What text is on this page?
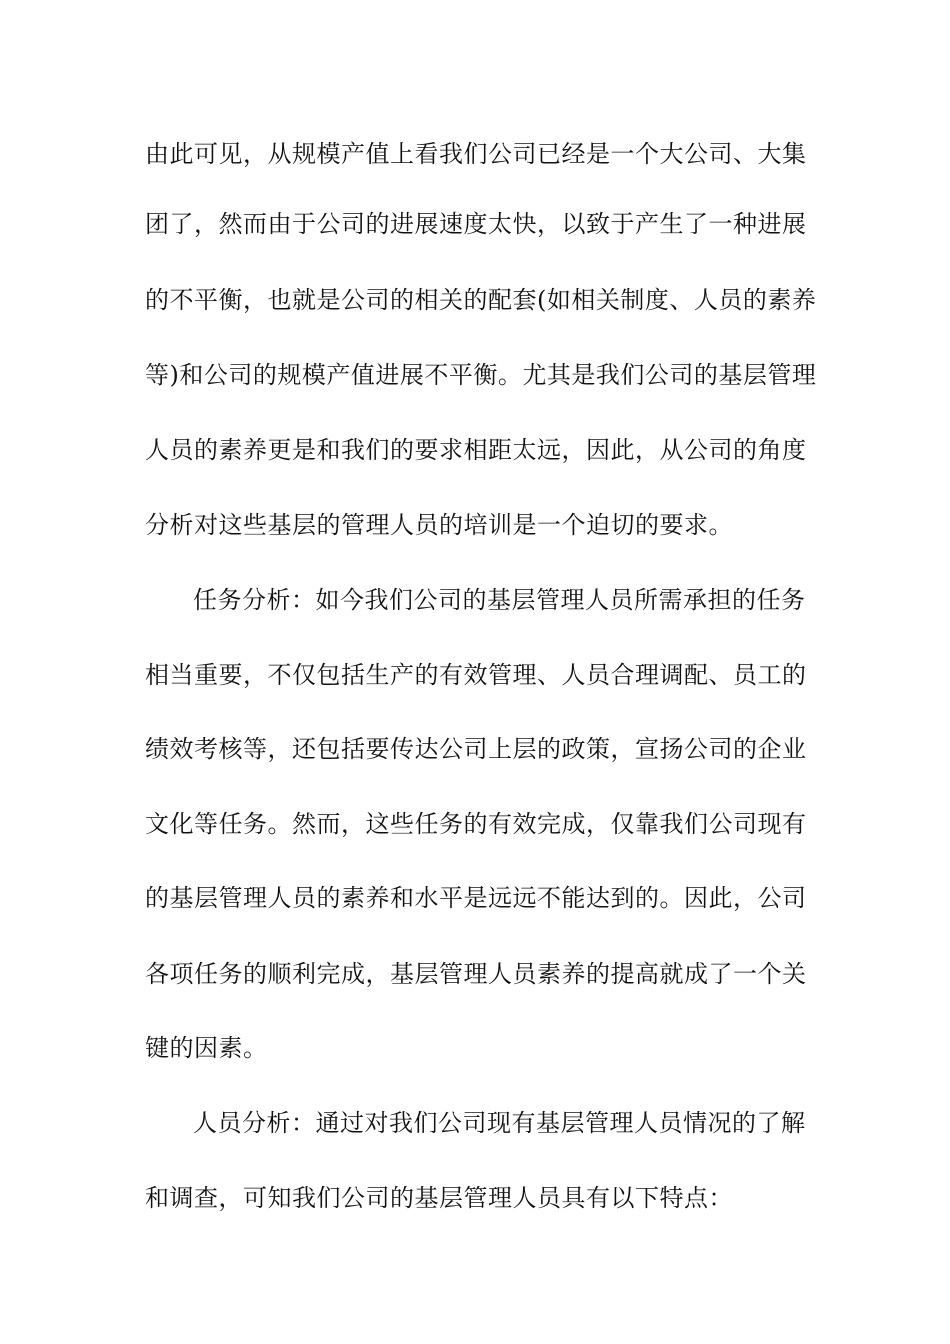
由此可见，从规模产值上看我们公司已经是一个大公司、大集
团了，然而由于公司的进展速度太快，以致于产生了一种进展
的不平衡，也就是公司的相关的配套(如相关制度、人员的素养
等)和公司的规模产值进展不平衡。尤其是我们公司的基层管理
人员的素养更是和我们的要求相距太远，因此，从公司的角度
分析对这些基层的管理人员的培训是一个迫切的要求。
任务分析：如今我们公司的基层管理人员所需承担的任务
相当重要，不仅包括生产的有效管理、人员合理调配、员工的
绩效考核等，还包括要传达公司上层的政策，宣扬公司的企业
文化等任务。然而，这些任务的有效完成，仅靠我们公司现有
的基层管理人员的素养和水平是远远不能达到的。因此，公司
各项任务的顺利完成，基层管理人员素养的提高就成了一个关
键的因素。
人员分析：通过对我们公司现有基层管理人员情况的了解
和调查，可知我们公司的基层管理人员具有以下特点：
